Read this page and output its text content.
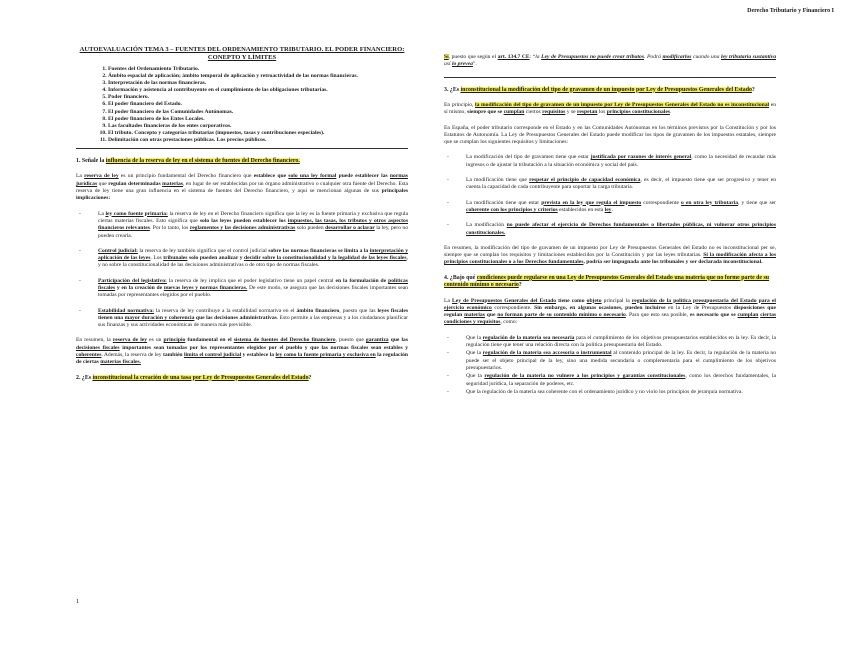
Derecho Tributario y Financiero I
AUTOEVALUACIÓN TEMA 3 – FUENTES DEL ORDENAMIENTO TRIBUTARIO. EL PODER FINANCIERO: CONEPTO Y LÍMITES
1. Fuentes del Ordenamiento Tributario.
2. Ámbito espacial de aplicación; ámbito temporal de aplicación y retroactividad de las normas financieras.
3. Interpretación de las normas financieras.
4. Información y asistencia al contribuyente en el cumplimiento de las obligaciones tributarias.
5. Poder financiero.
6. El poder financiero del Estado.
7. El poder financiero de las Comunidades Autónomas.
8. El poder financiero de los Entes Locales.
9. Las facultades financieras de los entes corporativos.
10. El tributo. Concepto y categorías tributarias (impuestos, tasas y contribuciones especiales).
11. Delimitación con otras prestaciones públicas. Los precios públicos.
1. Señale la influencia de la reserva de ley en el sistema de fuentes del Derecho financiero.

La reserva de ley es un principio fundamental del Derecho financiero que establece que solo una ley formal puede establecer las normas jurídicas que regulan determinadas materias, en lugar de ser establecidas por un órgano administrativo o cualquier otra fuente del Derecho. Esta reserva de ley tiene una gran influencia en el sistema de fuentes del Derecho financiero, y aquí se mencionan algunas de sus principales implicaciones:

- La ley como fuente primaria: la reserva de ley en el Derecho financiero significa que la ley es la fuente primaria y exclusiva que regula ciertas materias fiscales. Esto significa que solo las leyes pueden establecer los impuestos, las tasas, los tributos y otros aspectos financieros relevantes. Por lo tanto, los reglamentos y las decisiones administrativas solo pueden desarrollar o aclarar la ley, pero no pueden crearla.
- Control judicial: la reserva de ley también significa que el control judicial sobre las normas financieras se limita a la interpretación y aplicación de las leyes. Los tribunales solo pueden analizar y decidir sobre la constitucionalidad y la legalidad de las leyes fiscales, y no sobre la constitucionalidad de las decisiones administrativas o de otro tipo de normas fiscales.
- Participación del legislativo: la reserva de ley implica que el poder legislativo tiene un papel central en la formulación de políticas fiscales y en la creación de nuevas leyes y normas financieras. De este modo, se asegura que las decisiones fiscales importantes sean tomadas por representantes elegidos por el pueblo.
- Estabilidad normativa: la reserva de ley contribuye a la estabilidad normativa en el ámbito financiero, puesto que las leyes fiscales tienen una mayor duración y coherencia que las decisiones administrativas. Esto permite a las empresas y a los ciudadanos planificar sus finanzas y sus actividades económicas de manera más previsible.

En resumen, la reserva de ley es un principio fundamental en el sistema de fuentes del Derecho financiero, puesto que garantiza que las decisiones fiscales importantes sean tomadas por los representantes elegidos por el pueblo y que las normas fiscales sean estables y coherentes. Además, la reserva de ley también limita el control judicial y establece la ley como la fuente primaria y exclusiva en la regulación de ciertas materias fiscales.

2. ¿Es inconstitucional la creación de una tasa por Ley de Presupuestos Generales del Estado?
1

Sí, puesto que según el art. 134.7 CE: “la Ley de Presupuestos no puede crear tributos. Podrá modificarlos cuando una ley tributaria sustantiva así lo prevea”.

3. ¿Es inconstitucional la modificación del tipo de gravamen de un impuesto por Ley de Presupuestos Generales del Estado?

En principio, la modificación del tipo de gravamen de un impuesto por Ley de Presupuestos Generales del Estado no es inconstitucional en sí mismo, siempre que se cumplan ciertos requisitos y se respetan los principios constitucionales.

En España, el poder tributario corresponde en el Estado y en las Comunidades Autónomas en los términos previstos por la Constitución y por los Estatutos de Autonomía. La Ley de Presupuestos Generales del Estado puede modificar los tipos de gravamen de los impuestos estatales, siempre que se cumplan los siguientes requisitos y limitaciones:

- La modificación del tipo de gravamen tiene que estar justificada por razones de interés general, como la necesidad de recaudar más ingresos o de ajustar la tributación a la situación económica y social del país.
- La modificación tiene que respetar el principio de capacidad económica, es decir, el impuesto tiene que ser progresivo y tener en cuenta la capacidad de cada contribuyente para soportar la carga tributaria.
- La modificación tiene que estar prevista en la ley que regula el impuesto correspondiente o en otra ley tributaria, y tiene que ser coherente con los principios y criterios establecidos en esta ley.
- La modificación no puede afectar el ejercicio de Derechos fundamentales o libertades públicas, ni vulnerar otros principios constitucionales.

En resumen, la modificación del tipo de gravamen de un impuesto por Ley de Presupuestos Generales del Estado no es inconstitucional per se, siempre que se cumplan los requisitos y limitaciones establecidos por la Constitución y por las leyes tributarias. Si la modificación afecta a los principios constitucionales o a los Derechos fundamentales, podría ser impugnada ante los tribunales y ser declarada inconstitucional.

4. ¿Bajo qué condiciones puede regularse en una Ley de Presupuestos Generales del Estado una materia que no forme parte de su contenido mínimo o necesario?

La Ley de Presupuestos Generales del Estado tiene como objeto principal la regulación de la política presupuestaria del Estado para el ejercicio económico correspondiente. Sin embargo, en algunas ocasiones, pueden incluirse en la Ley de Presupuestos disposiciones que regulan materias que no forman parte de su contenido mínimo o necesario. Para que esto sea posible, es necesario que se cumplan ciertas condiciones y requisitos, como:

- Que la regulación de la materia sea necesaria para el cumplimiento de los objetivos presupuestarios establecidos en la ley. Es decir, la regulación tiene que tener una relación directa con la política presupuestaria del Estado.
- Que la regulación de la materia sea accesoria o instrumental al contenido principal de la ley. Es decir, la regulación de la materia no puede ser el objeto principal de la ley, sino una medida secundaria o complementaria para el cumplimiento de los objetivos presupuestarios.
- Que la regulación de la materia no vulnere a los principios y garantías constitucionales, como los derechos fundamentales, la seguridad jurídica, la separación de poderes, etc.
- Que la regulación de la materia sea coherente con el ordenamiento jurídico y no violo los principios de jerarquía normativa.
